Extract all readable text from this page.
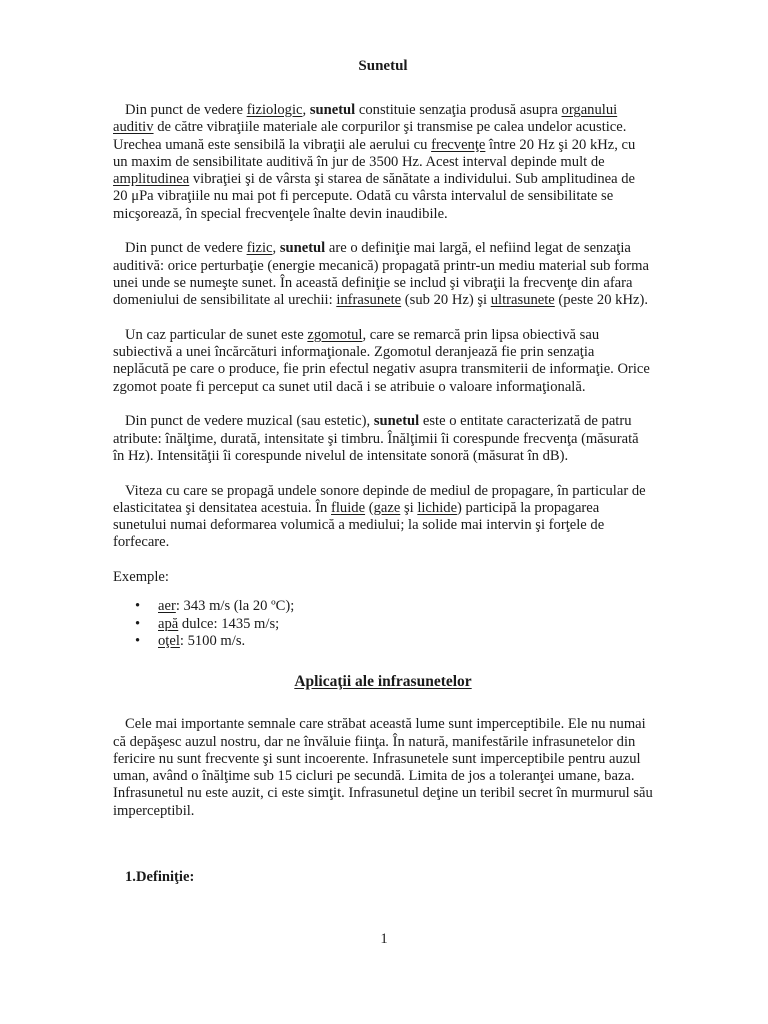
Sunetul

Din punct de vedere fiziologic, sunetul constituie senzaţia produsă asupra organului auditiv de către vibraţiile materiale ale corpurilor şi transmise pe calea undelor acustice. Urechea umană este sensibilă la vibraţii ale aerului cu frecvenţe între 20 Hz şi 20 kHz, cu un maxim de sensibilitate auditivă în jur de 3500 Hz. Acest interval depinde mult de amplitudinea vibraţiei şi de vârsta şi starea de sănătate a individului. Sub amplitudinea de 20 μPa vibraţiile nu mai pot fi percepute. Odată cu vârsta intervalul de sensibilitate se micşorează, în special frecvenţele înalte devin inaudibile.

Din punct de vedere fizic, sunetul are o definiţie mai largă, el nefiind legat de senzaţia auditivă: orice perturbaţie (energie mecanică) propagată printr-un mediu material sub forma unei unde se numeşte sunet. În această definiţie se includ şi vibraţii la frecvenţe din afara domeniului de sensibilitate al urechii: infrasunete (sub 20 Hz) şi ultrasunete (peste 20 kHz).

Un caz particular de sunet este zgomotul, care se remarcă prin lipsa obiectivă sau subiectivă a unei încărcături informaţionale. Zgomotul deranjează fie prin senzaţia neplăcută pe care o produce, fie prin efectul negativ asupra transmiterii de informaţie. Orice zgomot poate fi perceput ca sunet util dacă i se atribuie o valoare informaţională.

Din punct de vedere muzical (sau estetic), sunetul este o entitate caracterizată de patru atribute: înălţime, durată, intensitate şi timbru. Înălţimii îi corespunde frecvenţa (măsurată în Hz). Intensităţii îi corespunde nivelul de intensitate sonoră (măsurat în dB).

Viteza cu care se propagă undele sonore depinde de mediul de propagare, în particular de elasticitatea şi densitatea acestuia. În fluide (gaze şi lichide) participă la propagarea sunetului numai deformarea volumică a mediului; la solide mai intervin şi forţele de forfecare.

Exemple:

• aer: 343 m/s (la 20 ºC);
• apă dulce: 1435 m/s;
• oţel: 5100 m/s.
Aplicaţii ale infrasunetelor

Cele mai importante semnale care străbat această lume sunt imperceptibile. Ele nu numai că depăşesc auzul nostru, dar ne învăluie fiinţa. În natură, manifestările infrasunetelor din fericire nu sunt frecvente şi sunt incoerente. Infrasunetele sunt imperceptibile pentru auzul uman, având o înălţime sub 15 cicluri pe secundă. Limita de jos a toleranţei umane, baza. Infrasunetul nu este auzit, ci este simţit. Infrasunetul deţine un teribil secret în murmurul său imperceptibil.

1.Definiţie:
1
